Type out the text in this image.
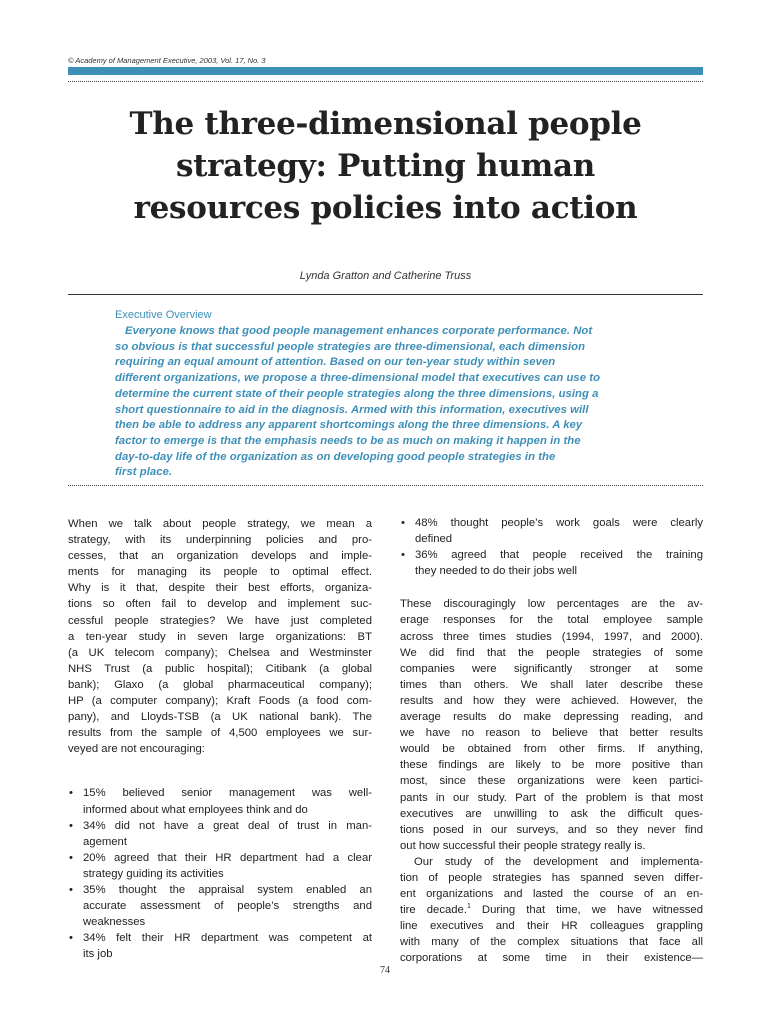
© Academy of Management Executive, 2003, Vol. 17, No. 3
The three-dimensional people
strategy: Putting human
resources policies into action
Lynda Gratton and Catherine Truss
Executive Overview
Everyone knows that good people management enhances corporate performance. Not
so obvious is that successful people strategies are three-dimensional, each dimension
requiring an equal amount of attention. Based on our ten-year study within seven
different organizations, we propose a three-dimensional model that executives can use to
determine the current state of their people strategies along the three dimensions, using a
short questionnaire to aid in the diagnosis. Armed with this information, executives will
then be able to address any apparent shortcomings along the three dimensions. A key
factor to emerge is that the emphasis needs to be as much on making it happen in the
day-to-day life of the organization as on developing good people strategies in the
first place.

When we talk about people strategy, we mean a
strategy, with its underpinning policies and pro-
cesses, that an organization develops and imple-
ments for managing its people to optimal effect.
Why is it that, despite their best efforts, organiza-
tions so often fail to develop and implement suc-
cessful people strategies? We have just completed
a ten-year study in seven large organizations: BT
(a UK telecom company); Chelsea and Westminster
NHS Trust (a public hospital); Citibank (a global
bank); Glaxo (a global pharmaceutical company);
HP (a computer company); Kraft Foods (a food com-
pany), and Lloyds-TSB (a UK national bank). The
results from the sample of 4,500 employees we sur-
veyed are not encouraging:

• 15% believed senior management was well-
informed about what employees think and do
• 34% did not have a great deal of trust in man-
agement
• 20% agreed that their HR department had a clear
strategy guiding its activities
• 35% thought the appraisal system enabled an
accurate assessment of people’s strengths and
weaknesses
• 34% felt their HR department was competent at
its job
• 48% thought people’s work goals were clearly
defined
• 36% agreed that people received the training
they needed to do their jobs well

These discouragingly low percentages are the av-
erage responses for the total employee sample
across three times studies (1994, 1997, and 2000).
We did find that the people strategies of some
companies were significantly stronger at some
times than others. We shall later describe these
results and how they were achieved. However, the
average results do make depressing reading, and
we have no reason to believe that better results
would be obtained from other firms. If anything,
these findings are likely to be more positive than
most, since these organizations were keen partici-
pants in our study. Part of the problem is that most
executives are unwilling to ask the difficult ques-
tions posed in our surveys, and so they never find
out how successful their people strategy really is.

Our study of the development and implementa-
tion of people strategies has spanned seven differ-
ent organizations and lasted the course of an en-
tire decade.$^1$ During that time, we have witnessed
line executives and their HR colleagues grappling
with many of the complex situations that face all
corporations at some time in their existence—

74
